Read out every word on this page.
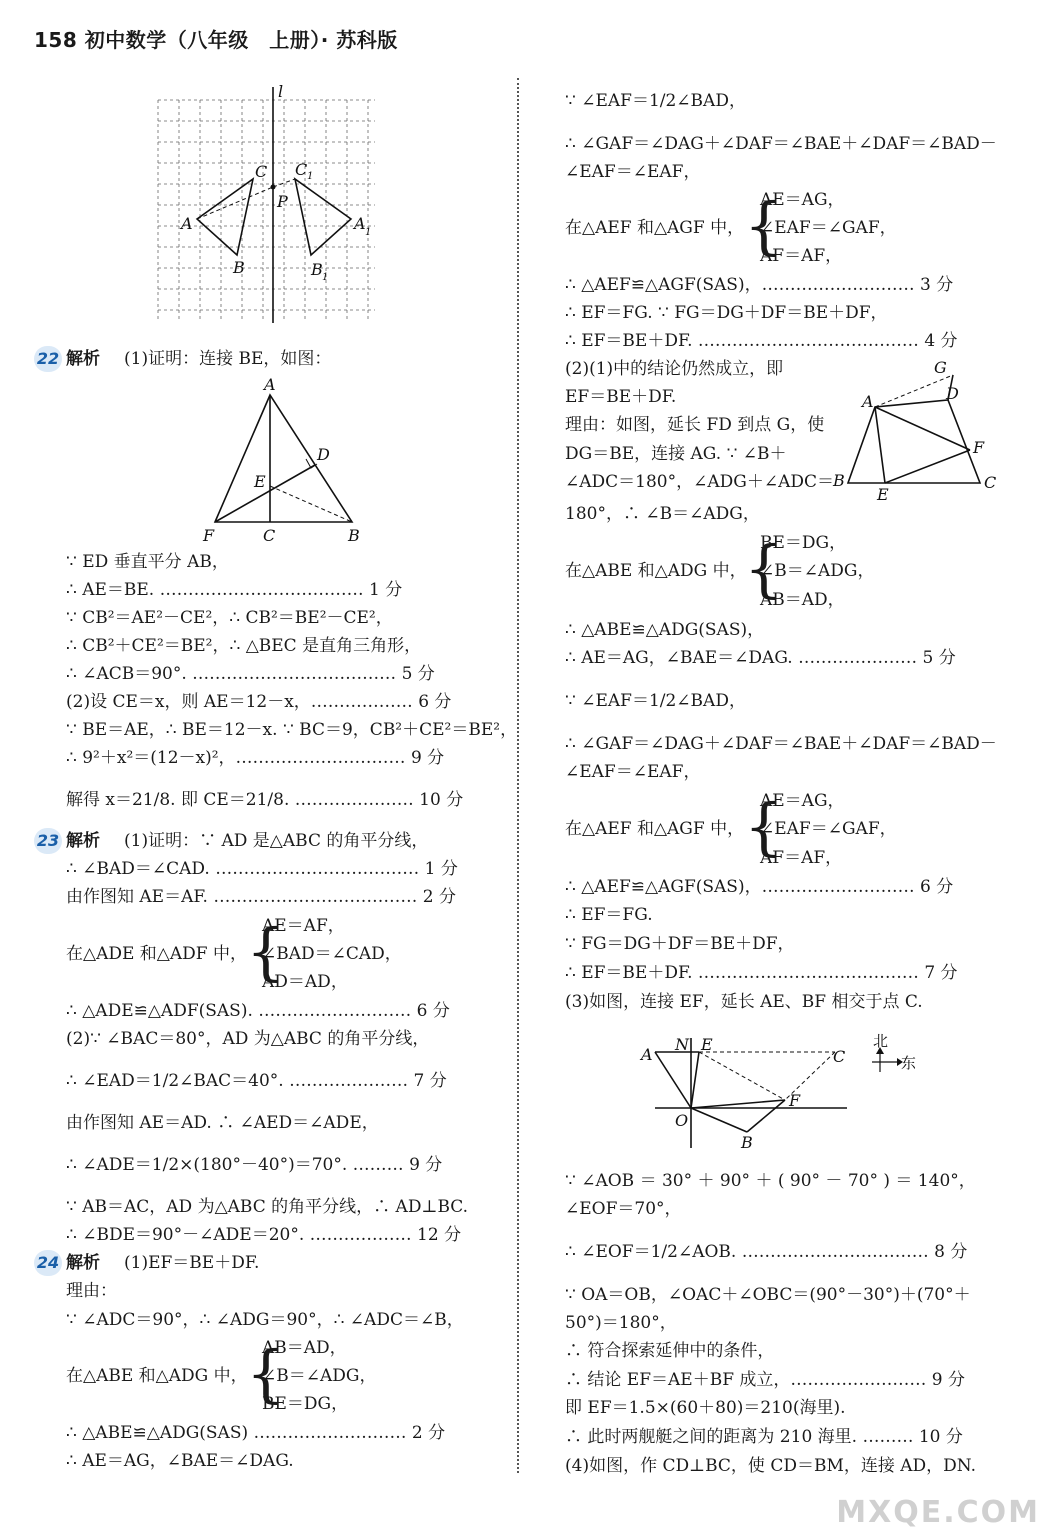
158 初中数学（八年级　上册）· 苏科版
l
C C 1
P
A	A 1
B	B 1
22 解析 (1)证明：连接 BE，如图：
A
D
E
F	C	B
∵ ED 垂直平分 AB，
∴ AE＝BE. ……………………………… 1 分
∵ CB²＝AE²－CE²，∴ CB²＝BE²－CE²，
∴ CB²＋CE²＝BE²，∴ △BEC 是直角三角形，
∴ ∠ACB＝90°. ……………………………… 5 分
(2)设 CE＝x，则 AE＝12－x，……………… 6 分
∵ BE＝AE，∴ BE＝12－x. ∵ BC＝9，CB²＋CE²＝BE²，
∴ 9²＋x²＝(12－x)²，………………………… 9 分
解得 x＝21/8. 即 CE＝21/8. ………………… 10 分
23 解析 (1)证明：∵ AD 是△ABC 的角平分线，
∴ ∠BAD＝∠CAD. ……………………………… 1 分
由作图知 AE＝AF. ……………………………… 2 分
在△ADE 和△ADF 中， {
AE＝AF，
∠BAD＝∠CAD，
AD＝AD，
∴ △ADE≌△ADF(SAS). ……………………… 6 分
(2)∵ ∠BAC＝80°，AD 为△ABC 的角平分线，
∴ ∠EAD＝1/2∠BAC＝40°. ………………… 7 分
由作图知 AE＝AD. ∴ ∠AED＝∠ADE，
∴ ∠ADE＝1/2×(180°－40°)＝70°. ……… 9 分
∵ AB＝AC，AD 为△ABC 的角平分线，∴ AD⊥BC.
∴ ∠BDE＝90°－∠ADE＝20°. ……………… 12 分
24 解析 (1)EF＝BE＋DF.
理由：
∵ ∠ADC＝90°，∴ ∠ADG＝90°，∴ ∠ADC＝∠B，
在△ABE 和△ADG 中，
{
AB＝AD，
∠B＝∠ADG，
BE＝DG，
∴ △ABE≌△ADG(SAS) ……………………… 2 分
∴ AE＝AG，∠BAE＝∠DAG.
∵ ∠EAF＝1/2∠BAD，
∴ ∠GAF＝∠DAG＋∠DAF＝∠BAE＋∠DAF＝∠BAD－
∠EAF＝∠EAF，
在△AEF 和△AGF 中， {
AE＝AG，
∠EAF＝∠GAF，
AF＝AF，
∴ △AEF≌△AGF(SAS)，……………………… 3 分
∴ EF＝FG. ∵ FG＝DG＋DF＝BE＋DF，
∴ EF＝BE＋DF. ………………………………… 4 分
(2)(1)中的结论仍然成立，即
EF＝BE＋DF.
理由：如图，延长 FD 到点 G，使
DG＝BE，连接 AG. ∵ ∠B＋
∠ADC＝180°，∠ADG＋∠ADC＝
180°，∴ ∠B＝∠ADG，
G
A	D
F
B
E
C
在△ABE 和△ADG 中，
{
BE＝DG，
∠B＝∠ADG，
AB＝AD，
∴ △ABE≌△ADG(SAS)，
∴ AE＝AG，∠BAE＝∠DAG. ………………… 5 分
∵ ∠EAF＝1/2∠BAD，
∴ ∠GAF＝∠DAG＋∠DAF＝∠BAE＋∠DAF＝∠BAD－
∠EAF＝∠EAF，
在△AEF 和△AGF 中， {
AE＝AG，
∠EAF＝∠GAF，
AF＝AF，
∴ △AEF≌△AGF(SAS)，……………………… 6 分
∴ EF＝FG.
∵ FG＝DG＋DF＝BE＋DF，
∴ EF＝BE＋DF. ………………………………… 7 分
(3)如图，连接 EF，延长 AE、BF 相交于点 C.
A
N E
C
O
F
B
北
东
∵ ∠AOB ＝ 30° ＋ 90° ＋ ( 90° － 70° ) ＝ 140°，
∠EOF＝70°，
∴ ∠EOF＝1/2∠AOB. …………………………… 8 分
∵ OA＝OB，∠OAC＋∠OBC＝(90°－30°)＋(70°＋
50°)＝180°，
∴ 符合探索延伸中的条件，
∴ 结论 EF＝AE＋BF 成立，…………………… 9 分
即 EF＝1.5×(60＋80)＝210(海里).
∴ 此时两舰艇之间的距离为 210 海里. ……… 10 分
(4)如图，作 CD⊥BC，使 CD＝BM，连接 AD，DN.
MXQE.COM
